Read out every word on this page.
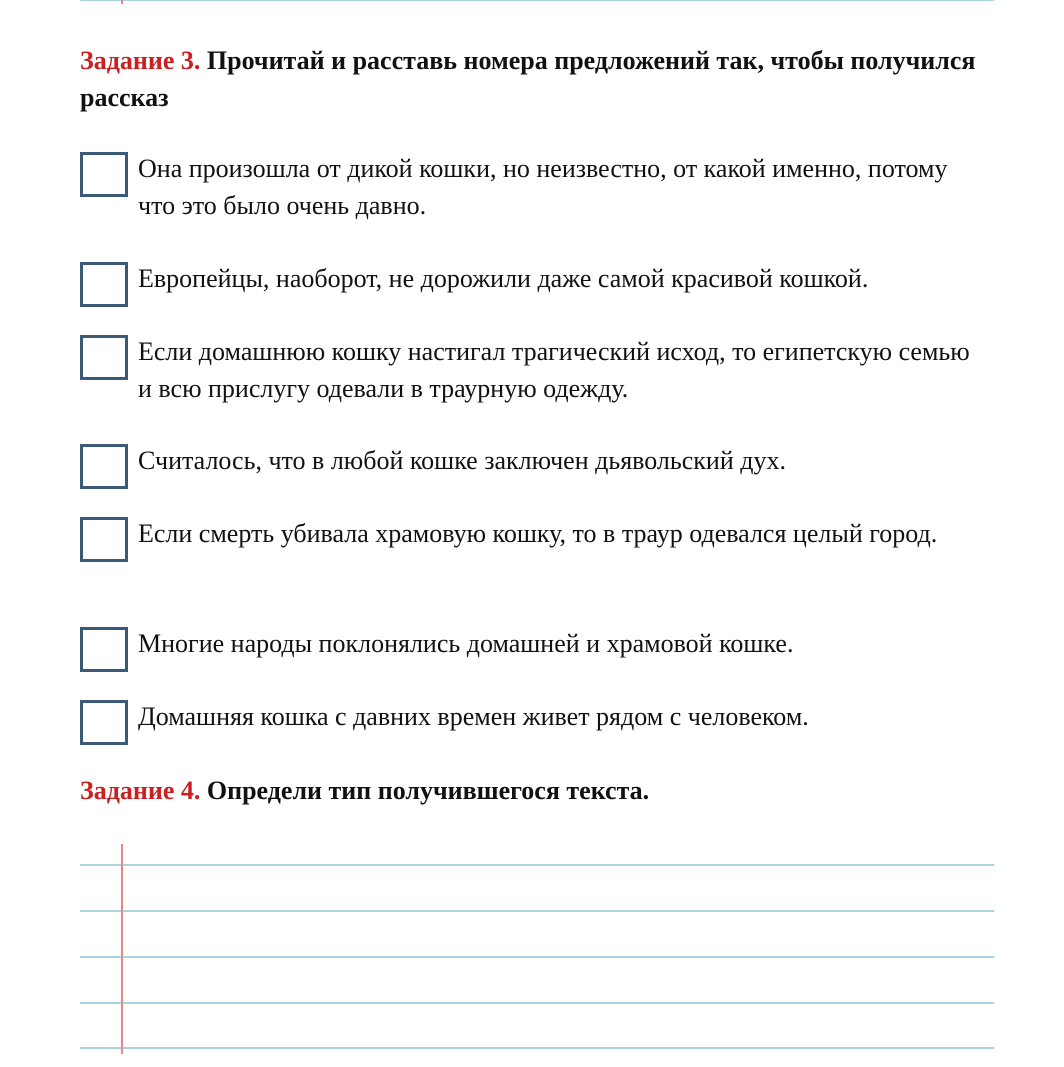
Задание 3. Прочитай и расставь номера предложений так, чтобы получился рассказ
Она произошла от дикой кошки, но неизвестно, от какой именно, потому что это было очень давно.
Европейцы, наоборот, не дорожили даже самой красивой кошкой.
Если домашнюю кошку настигал трагический исход, то египетскую семью и всю прислугу одевали в траурную одежду.
Считалось, что в любой кошке заключен дьявольский дух.
Если смерть убивала храмовую кошку, то в траур одевался целый город.
Многие народы поклонялись домашней и храмовой кошке.
Домашняя кошка с давних времен живет рядом с человеком.
Задание 4. Определи тип получившегося текста.
